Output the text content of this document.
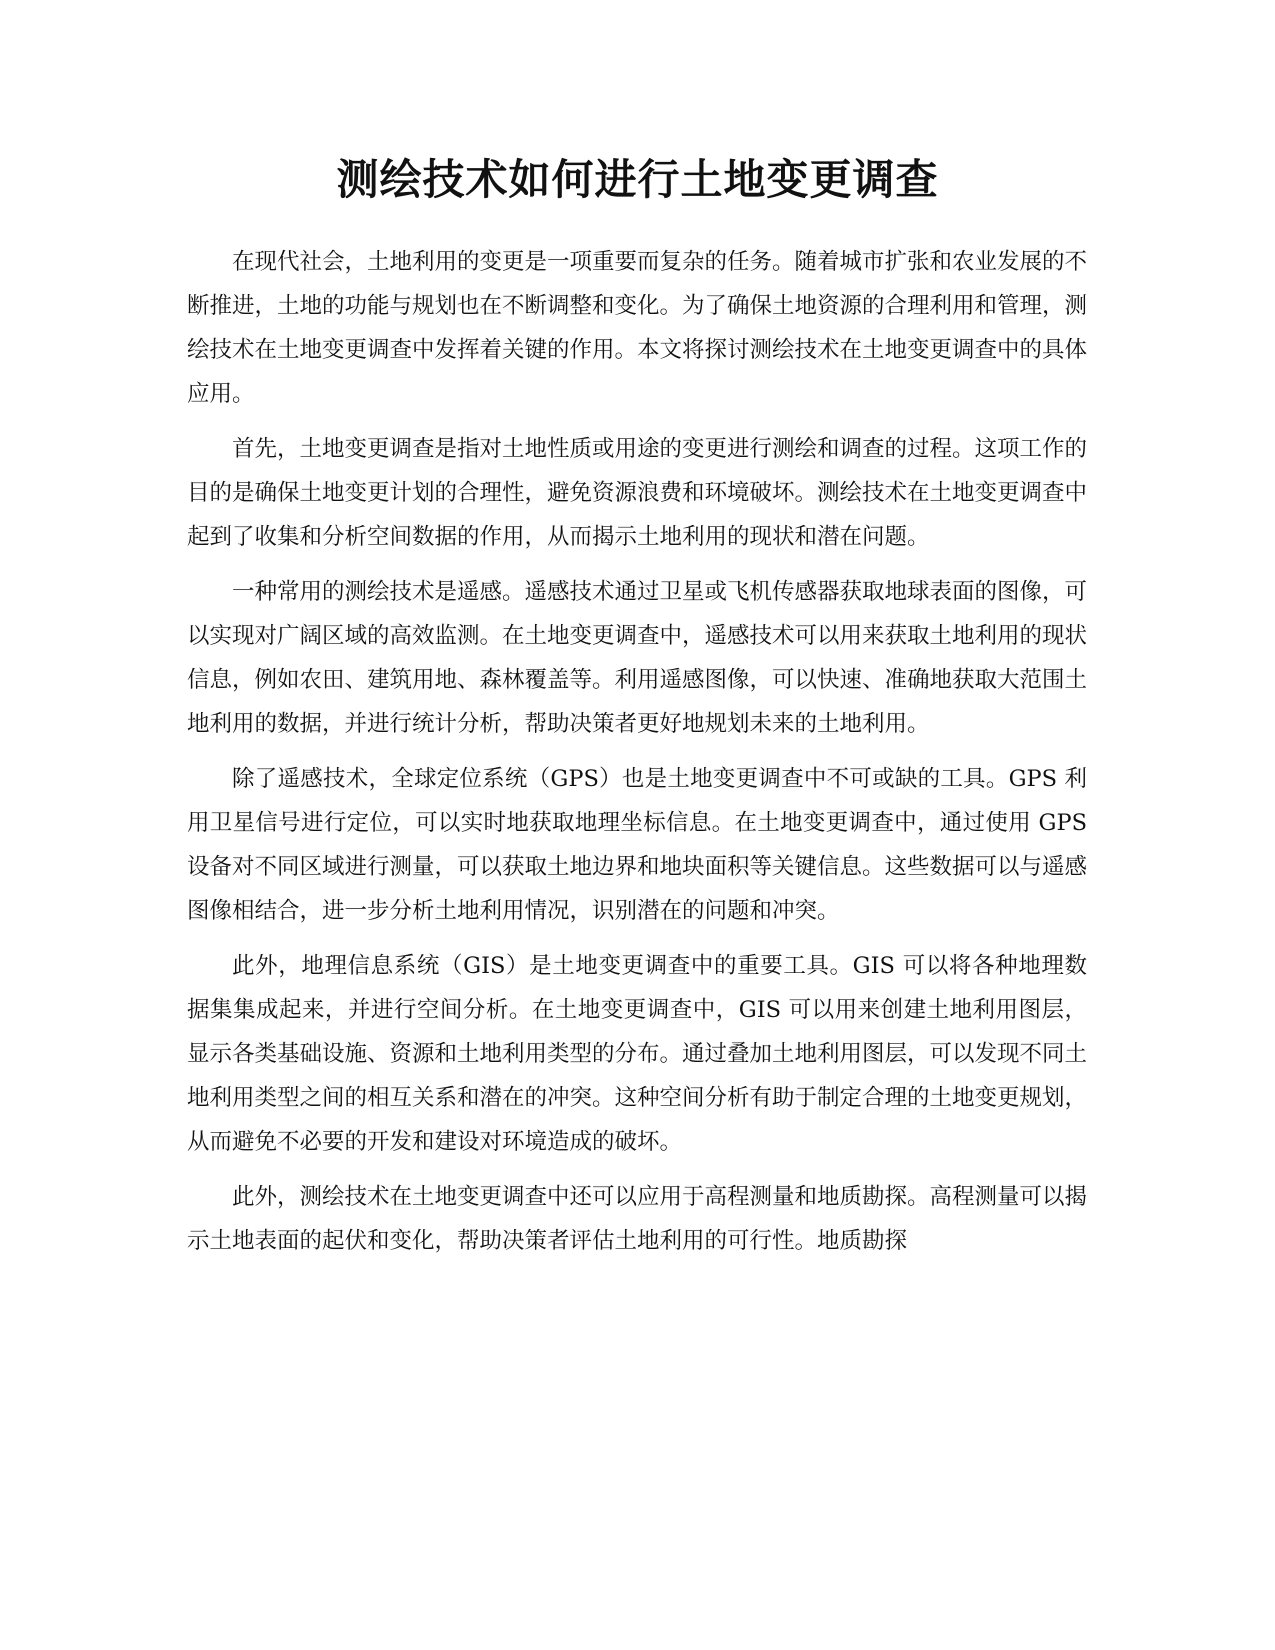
测绘技术如何进行土地变更调查

在现代社会，土地利用的变更是一项重要而复杂的任务。随着城市扩张和农业发展的不断推进，土地的功能与规划也在不断调整和变化。为了确保土地资源的合理利用和管理，测绘技术在土地变更调查中发挥着关键的作用。本文将探讨测绘技术在土地变更调查中的具体应用。

首先，土地变更调查是指对土地性质或用途的变更进行测绘和调查的过程。这项工作的目的是确保土地变更计划的合理性，避免资源浪费和环境破坏。测绘技术在土地变更调查中起到了收集和分析空间数据的作用，从而揭示土地利用的现状和潜在问题。

一种常用的测绘技术是遥感。遥感技术通过卫星或飞机传感器获取地球表面的图像，可以实现对广阔区域的高效监测。在土地变更调查中，遥感技术可以用来获取土地利用的现状信息，例如农田、建筑用地、森林覆盖等。利用遥感图像，可以快速、准确地获取大范围土地利用的数据，并进行统计分析，帮助决策者更好地规划未来的土地利用。

除了遥感技术，全球定位系统（GPS）也是土地变更调查中不可或缺的工具。GPS 利用卫星信号进行定位，可以实时地获取地理坐标信息。在土地变更调查中，通过使用 GPS 设备对不同区域进行测量，可以获取土地边界和地块面积等关键信息。这些数据可以与遥感图像相结合，进一步分析土地利用情况，识别潜在的问题和冲突。

此外，地理信息系统（GIS）是土地变更调查中的重要工具。GIS 可以将各种地理数据集集成起来，并进行空间分析。在土地变更调查中，GIS 可以用来创建土地利用图层，显示各类基础设施、资源和土地利用类型的分布。通过叠加土地利用图层，可以发现不同土地利用类型之间的相互关系和潜在的冲突。这种空间分析有助于制定合理的土地变更规划，从而避免不必要的开发和建设对环境造成的破坏。

此外，测绘技术在土地变更调查中还可以应用于高程测量和地质勘探。高程测量可以揭示土地表面的起伏和变化，帮助决策者评估土地利用的可行性。地质勘探
